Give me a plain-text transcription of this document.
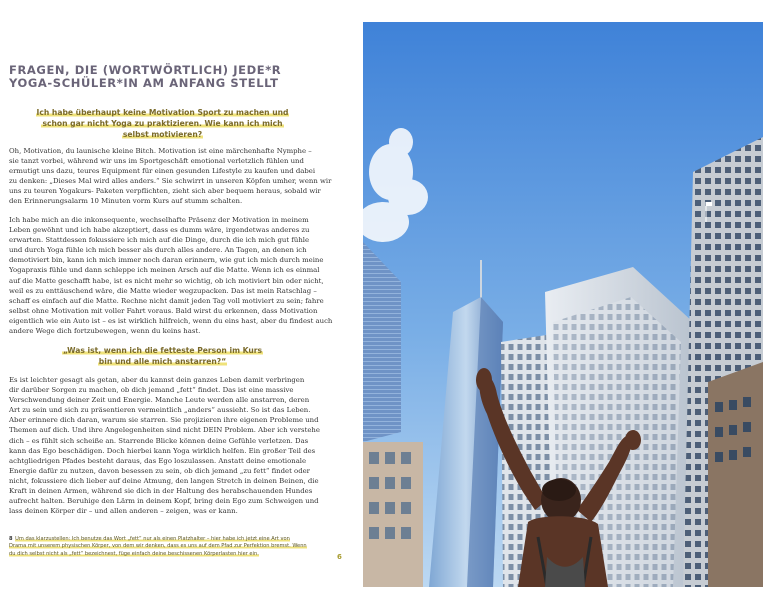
FRAGEN, DIE (WORTWÖRTLICH) JEDE*R
YOGA-SCHÜLER*IN AM ANFANG STELLT
Ich habe überhaupt keine Motivation Sport zu machen und
schon gar nicht Yoga zu praktizieren. Wie kann ich mich
selbst motivieren?

Oh, Motivation, du launische kleine Bitch. Motivation ist eine märchenhafte Nymphe –
sie tanzt vorbei, während wir uns im Sportgeschäft emotional verletzlich fühlen und
ermutigt uns dazu, teures Equipment für einen gesunden Lifestyle zu kaufen und dabei
zu denken: „Dieses Mal wird alles anders.“ Sie schwirrt in unseren Köpfen umher, wenn wir
uns zu teuren Yogakurs- Paketen verpflichten, zieht sich aber bequem heraus, sobald wir
den Erinnerungsalarm 10 Minuten vorm Kurs auf stumm schalten.

Ich habe mich an die inkonsequente, wechselhafte Präsenz der Motivation in meinem
Leben gewöhnt und ich habe akzeptiert, dass es dumm wäre, irgendetwas anderes zu
erwarten. Stattdessen fokussiere ich mich auf die Dinge, durch die ich mich gut fühle
und durch Yoga fühle ich mich besser als durch alles andere. An Tagen, an denen ich
demotiviert bin, kann ich mich immer noch daran erinnern, wie gut ich mich durch meine
Yogapraxis fühle und dann schleppe ich meinen Arsch auf die Matte. Wenn ich es einmal
auf die Matte geschafft habe, ist es nicht mehr so wichtig, ob ich motiviert bin oder nicht,
weil es zu enttäuschend wäre, die Matte wieder wegzupacken. Das ist mein Ratschlag –
schaff es einfach auf die Matte. Rechne nicht damit jeden Tag voll motiviert zu sein; fahre
selbst ohne Motivation mit voller Fahrt voraus. Bald wirst du erkennen, dass Motivation
eigentlich wie ein Auto ist – es ist wirklich hilfreich, wenn du eins hast, aber du findest auch
andere Wege dich fortzubewegen, wenn du keins hast.

„Was ist, wenn ich die fetteste Person im Kurs
bin und alle mich anstarren?“

Es ist leichter gesagt als getan, aber du kannst dein ganzes Leben damit verbringen
dir darüber Sorgen zu machen, ob dich jemand „fett“ findet. Das ist eine massive
Verschwendung deiner Zeit und Energie. Manche Leute werden alle anstarren, deren
Art zu sein und sich zu präsentieren vermeintlich „anders“ aussieht. So ist das Leben.
Aber erinnere dich daran, warum sie starren. Sie projizieren ihre eigenen Probleme und
Themen auf dich. Und ihre Angelegenheiten sind nicht DEIN Problem. Aber ich verstehe
dich – es fühlt sich scheiße an. Starrende Blicke können deine Gefühle verletzen. Das
kann das Ego beschädigen. Doch hierbei kann Yoga wirklich helfen. Ein großer Teil des
achtgliedrigen Pfades besteht daraus, das Ego loszulassen. Anstatt deine emotionale
Energie dafür zu nutzen, davon besessen zu sein, ob dich jemand „zu fett“ findet oder
nicht, fokussiere dich lieber auf deine Atmung, den langen Stretch in deinen Beinen, die
Kraft in deinen Armen, während sie dich in der Haltung des herabschauenden Hundes
aufrecht halten. Beruhige den Lärm in deinem Kopf, bring dein Ego zum Schweigen und
lass deinen Körper dir – und allen anderen – zeigen, was er kann.

8 Um das klarzustellen: Ich benutze das Wort „fett“ nur als einen Platzhalter – hier habe ich jetzt eine Art von
Drama mit unserem physischen Körper, von dem wir denken, dass es uns auf dem Pfad zur Perfektion bremst. Wenn
du dich selbst nicht als „fett“ bezeichnest, füge einfach deine beschissenen Körperlasten hier ein.	6
